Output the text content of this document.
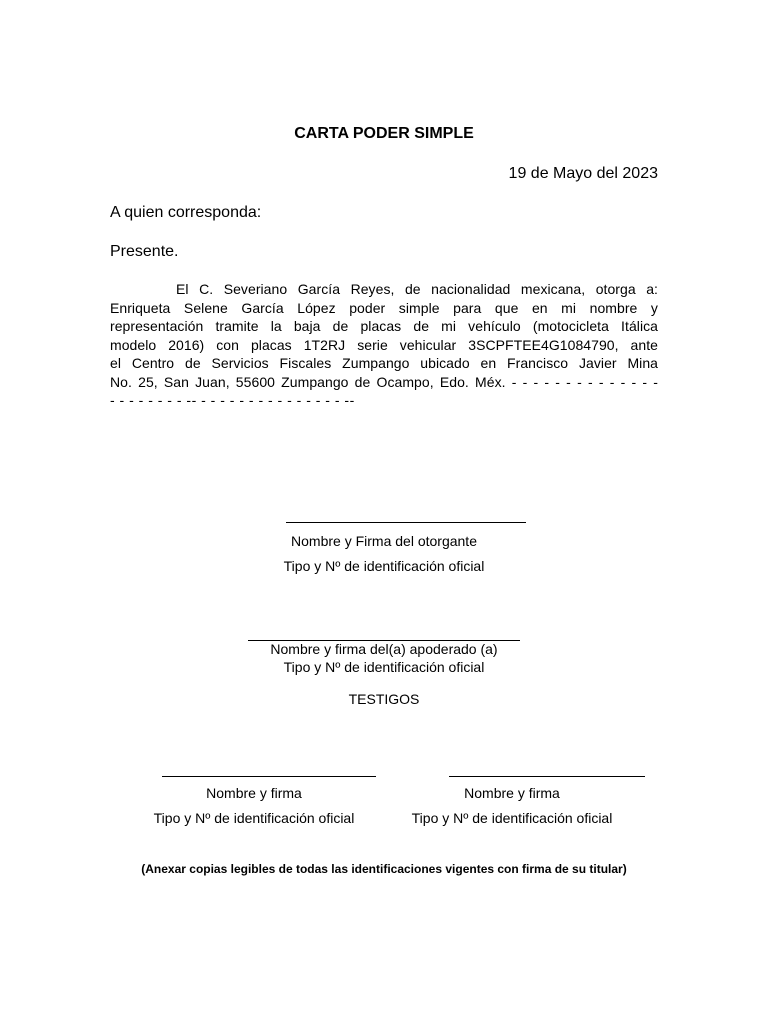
CARTA PODER SIMPLE
19 de Mayo del 2023
A quien corresponda:
Presente.
El C. Severiano García Reyes, de nacionalidad mexicana, otorga a:
Enriqueta Selene García López poder simple para que en mi nombre y
representación tramite la baja de placas de mi vehículo (motocicleta Itálica
modelo 2016) con placas 1T2RJ serie vehicular 3SCPFTEE4G1084790, ante
el Centro de Servicios Fiscales Zumpango ubicado en Francisco Javier Mina
No. 25, San Juan, 55600 Zumpango de Ocampo, Edo. Méx. - - - - - - - - - - - - - -
- - - - - - - - -- - - - - - - - - - - - - - - - --
Nombre y Firma del otorgante
Tipo y Nº de identificación oficial
Nombre y firma del(a) apoderado (a)
Tipo y Nº de identificación oficial
TESTIGOS
Nombre y firma
Tipo y Nº de identificación oficial
Nombre y firma
Tipo y Nº de identificación oficial
(Anexar copias legibles de todas las identificaciones vigentes con firma de su titular)
